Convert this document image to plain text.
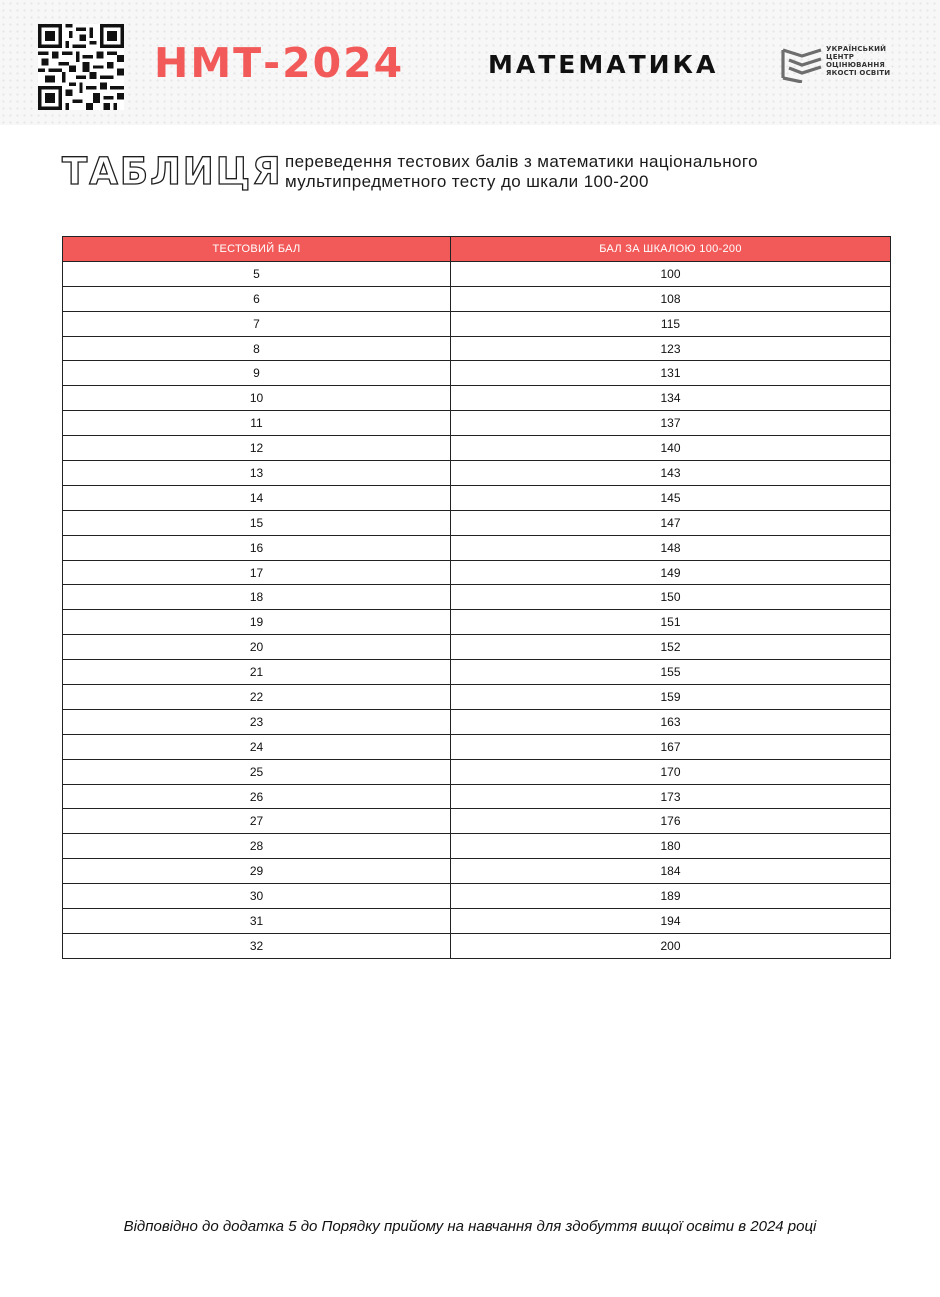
НМТ-2024	МАТЕМАТИКА
УКРАЇНСЬКИЙ
ЦЕНТР
ОЦІНЮВАННЯ
ЯКОСТІ ОСВІТИ
ТАБЛИЦЯ переведення тестових балів з математики національного
мультипредметного тесту до шкали 100-200
ТЕСТОВИЙ БАЛ	БАЛ ЗА ШКАЛОЮ 100-200
5	100
6	108
7	115
8	123
9	131
10	134
11	137
12	140
13	143
14	145
15	147
16	148
17	149
18	150
19	151
20	152
21	155
22	159
23	163
24	167
25	170
26	173
27	176
28	180
29	184
30	189
31	194
32	200
Відповідно до додатка 5 до Порядку прийому на навчання для здобуття вищої освіти в 2024 році
